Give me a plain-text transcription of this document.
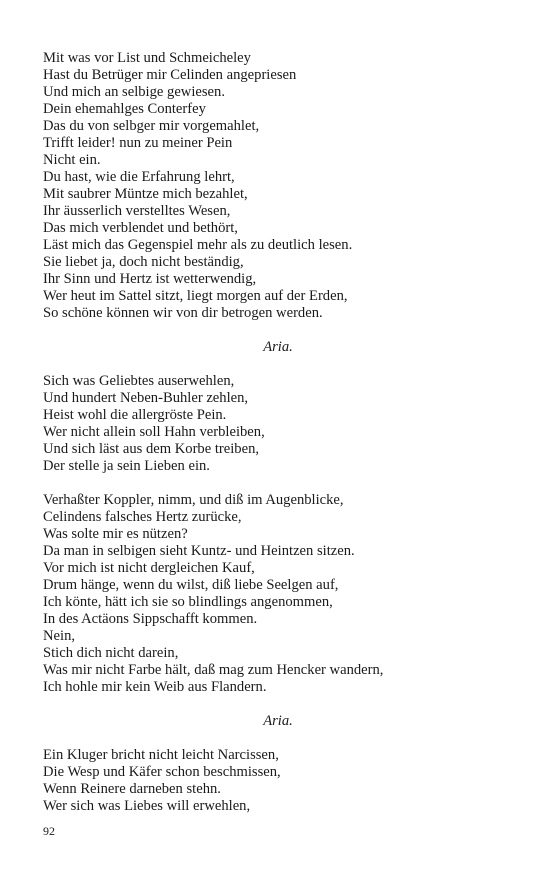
Mit was vor List und Schmeicheley
Hast du Betrüger mir Celinden angepriesen
Und mich an selbige gewiesen.
Dein ehemahlges Conterfey
Das du von selbger mir vorgemahlet,
Trifft leider! nun zu meiner Pein
Nicht ein.
Du hast, wie die Erfahrung lehrt,
Mit saubrer Müntze mich bezahlet,
Ihr äusserlich verstelltes Wesen,
Das mich verblendet und bethört,
Läst mich das Gegenspiel mehr als zu deutlich lesen.
Sie liebet ja, doch nicht beständig,
Ihr Sinn und Hertz ist wetterwendig,
Wer heut im Sattel sitzt, liegt morgen auf der Erden,
So schöne können wir von dir betrogen werden.
Aria.
Sich was Geliebtes auserwehlen,
Und hundert Neben-Buhler zehlen,
Heist wohl die allergröste Pein.
Wer nicht allein soll Hahn verbleiben,
Und sich läst aus dem Korbe treiben,
Der stelle ja sein Lieben ein.
Verhaßter Koppler, nimm, und diß im Augenblicke,
Celindens falsches Hertz zurücke,
Was solte mir es nützen?
Da man in selbigen sieht Kuntz- und Heintzen sitzen.
Vor mich ist nicht dergleichen Kauf,
Drum hänge, wenn du wilst, diß liebe Seelgen auf,
Ich könte, hätt ich sie so blindlings angenommen,
In des Actäons Sippschafft kommen.
Nein,
Stich dich nicht darein,
Was mir nicht Farbe hält, daß mag zum Hencker wandern,
Ich hohle mir kein Weib aus Flandern.
Aria.
Ein Kluger bricht nicht leicht Narcissen,
Die Wesp und Käfer schon beschmissen,
Wenn Reinere darneben stehn.
Wer sich was Liebes will erwehlen,
92
